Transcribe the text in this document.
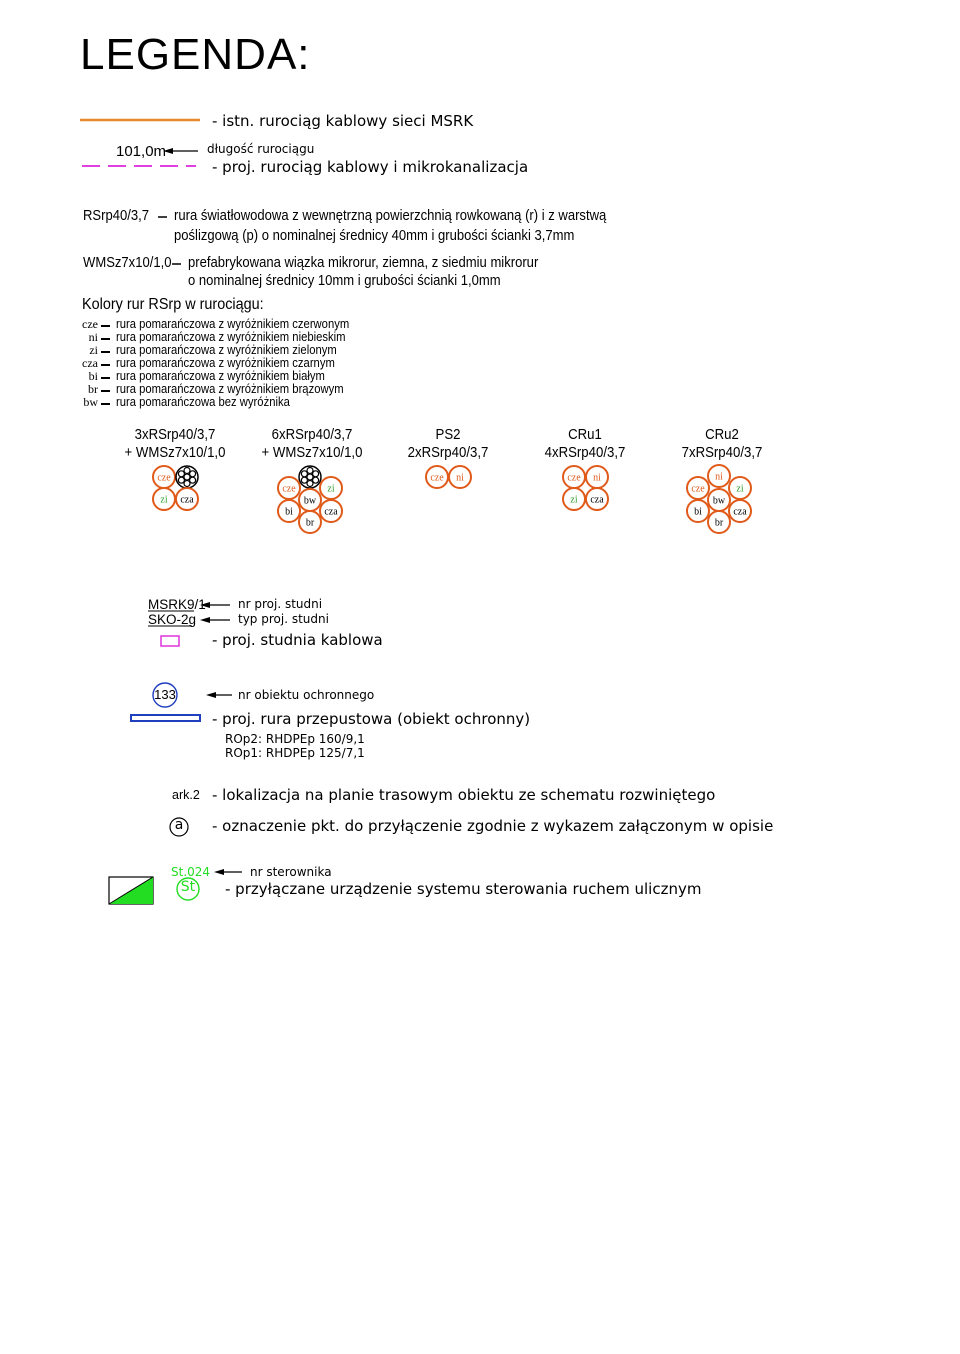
LEGENDA:
cze
zi cza
cze	zi
bw
bi	cza
br
cze ni	cze ni
zi cza
ni
cze	zi
bw
bi	cza
br
- istn. rurociąg kablowy sieci MSRK
101,0m	długość rurociągu
- proj. rurociąg kablowy i mikrokanalizacja
RSrp40/3,7 rura światłowodowa z wewnętrzną powierzchnią rowkowaną (r) i z warstwą
poślizgową (p) o nominalnej średnicy 40mm i grubości ścianki 3,7mm
WMSz7x10/1,0 prefabrykowana wiązka mikrorur, ziemna, z siedmiu mikrorur
o nominalnej średnicy 10mm i grubości ścianki 1,0mm
Kolory rur RSrp w rurociągu:
cze rura pomarańczowa z wyróżnikiem czerwonym
ni rura pomarańczowa z wyróżnikiem niebieskim
zi rura pomarańczowa z wyróżnikiem zielonym
cza rura pomarańczowa z wyróżnikiem czarnym
bi rura pomarańczowa z wyróżnikiem białym
br rura pomarańczowa z wyróżnikiem brązowym
bw rura pomarańczowa bez wyróżnika
3xRSrp40/3,7
+ WMSz7x10/1,0
6xRSrp40/3,7
+ WMSz7x10/1,0
PS2
2xRSrp40/3,7
CRu1
4xRSrp40/3,7
CRu2
7xRSrp40/3,7
MSRK9/1
SKO-2g
nr proj. studni
typ proj. studni
- proj. studnia kablowa
133	nr obiektu ochronnego
- proj. rura przepustowa (obiekt ochronny)
ROp2: RHDPEp 160/9,1
ROp1: RHDPEp 125/7,1
ark.2 - lokalizacja na planie trasowym obiektu ze schematu rozwiniętego
a - oznaczenie pkt. do przyłączenie zgodnie z wykazem załączonym w opisie
St.024	nr sterownika
St - przyłączane urządzenie systemu sterowania ruchem ulicznym
